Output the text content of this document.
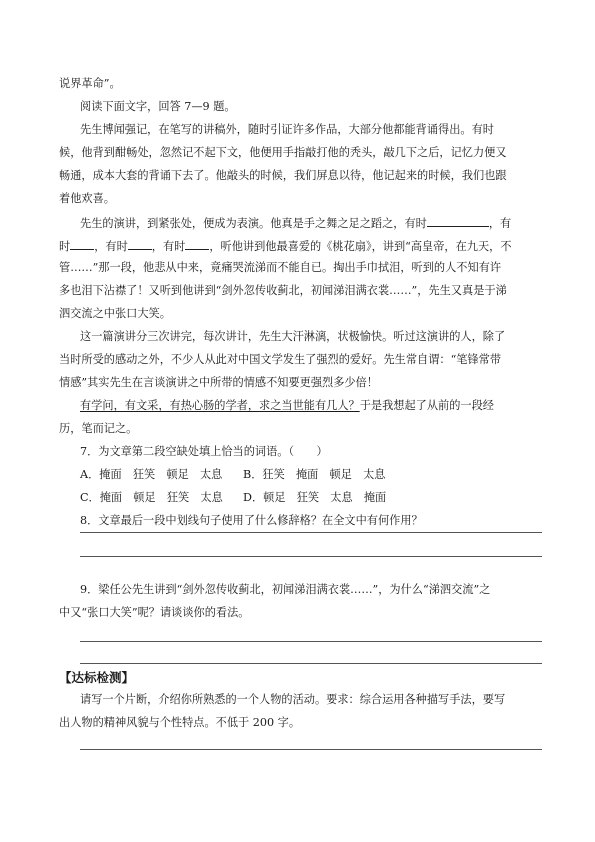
说界革命”。
阅读下面文字，回答 7—9 题。
先生博闻强记，在笔写的讲稿外，随时引证许多作品，大部分他都能背诵得出。有时
候，他背到酣畅处，忽然记不起下文，他便用手指敲打他的秃头，敲几下之后，记忆力便又
畅通，成本大套的背诵下去了。他敲头的时候，我们屏息以待，他记起来的时候，我们也跟
着他欢喜。
先生的演讲，到紧张处，便成为表演。他真是手之舞之足之蹈之，有时	，有
时 ，有时 ，有时 ，听他讲到他最喜爱的《桃花扇》，讲到“高皇帝，在九天，不
管……”那一段，他悲从中来，竟痛哭流涕而不能自已。掏出手巾拭泪，听到的人不知有许
多也泪下沾襟了！又听到他讲到“剑外忽传收蓟北，初闻涕泪满衣裳……”，先生又真是于涕
泗交流之中张口大笑。
这一篇演讲分三次讲完，每次讲计，先生大汗淋漓，状极愉快。听过这演讲的人，除了
当时所受的感动之外，不少人从此对中国文学发生了强烈的爱好。先生常自谓：“笔锋常带
情感”其实先生在言谈演讲之中所带的情感不知要更强烈多少倍！
有学问，有文采，有热心肠的学者，求之当世能有几人？于是我想起了从前的一段经
历，笔而记之。
7．为文章第二段空缺处填上恰当的词语。（　　）
A．掩面　狂笑　顿足　太息 B．狂笑　掩面　顿足　太息
C．掩面　顿足　狂笑　太息 D．顿足　狂笑　太息　掩面
8．文章最后一段中划线句子使用了什么修辞格？在全文中有何作用？
9．梁任公先生讲到“剑外忽传收蓟北，初闻涕泪满衣裳……”，为什么“涕泗交流”之
中又“张口大笑”呢？请谈谈你的看法。
【达标检测】
请写一个片断，介绍你所熟悉的一个人物的活动。要求：综合运用各种描写手法，要写
出人物的精神风貌与个性特点。不低于 200 字。
